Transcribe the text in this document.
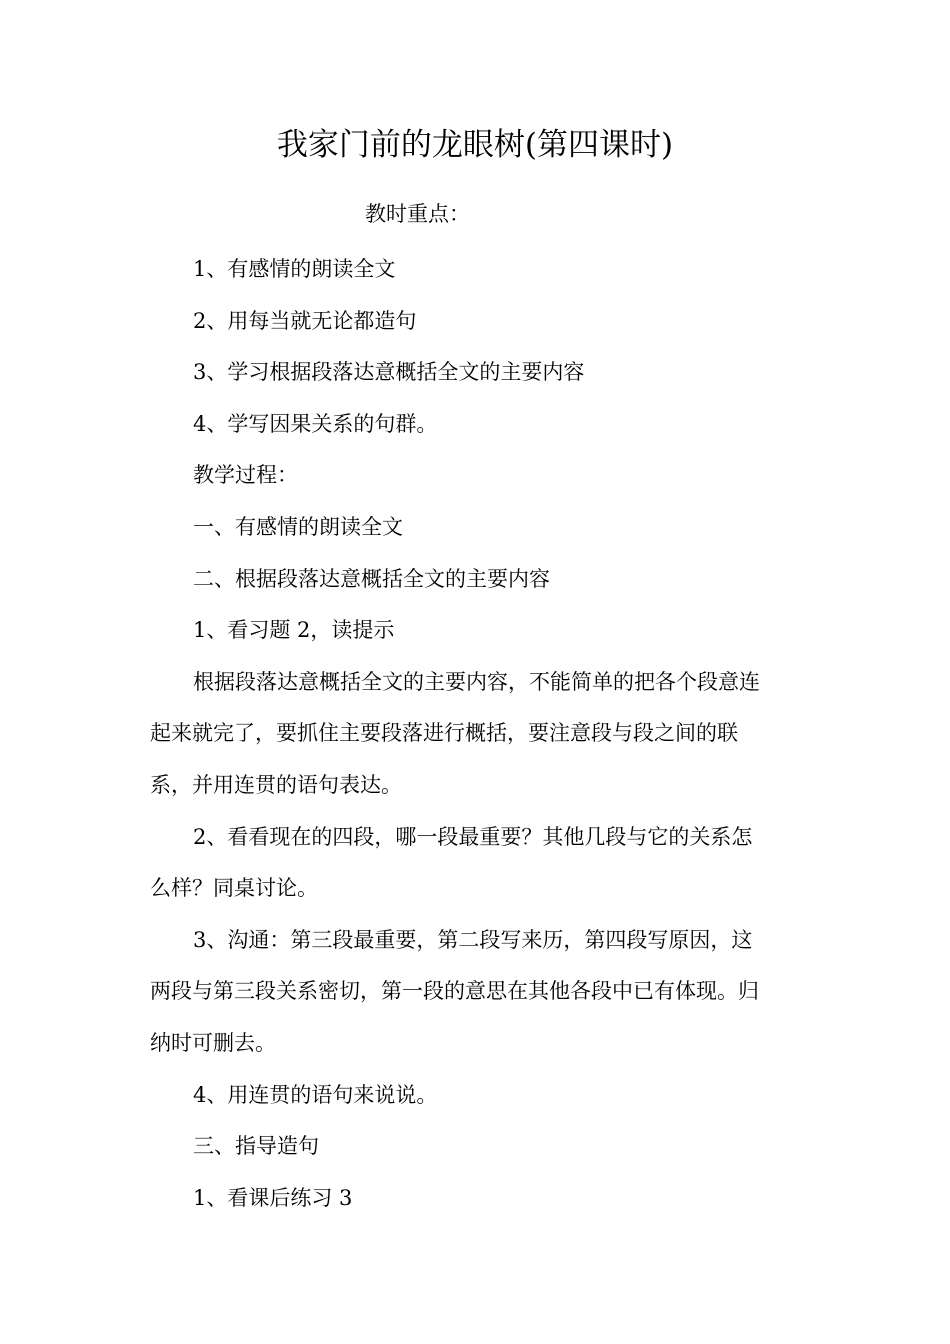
我家门前的龙眼树(第四课时)
教时重点：
1、有感情的朗读全文
2、用每当就无论都造句
3、学习根据段落达意概括全文的主要内容
4、学写因果关系的句群。
教学过程：
一、有感情的朗读全文
二、根据段落达意概括全文的主要内容
1、看习题 2，读提示
根据段落达意概括全文的主要内容，不能简单的把各个段意连
起来就完了，要抓住主要段落进行概括，要注意段与段之间的联
系，并用连贯的语句表达。
2、看看现在的四段，哪一段最重要？其他几段与它的关系怎
么样？同桌讨论。
3、沟通：第三段最重要，第二段写来历，第四段写原因，这
两段与第三段关系密切，第一段的意思在其他各段中已有体现。归
纳时可删去。
4、用连贯的语句来说说。
三、指导造句
1、看课后练习 3
